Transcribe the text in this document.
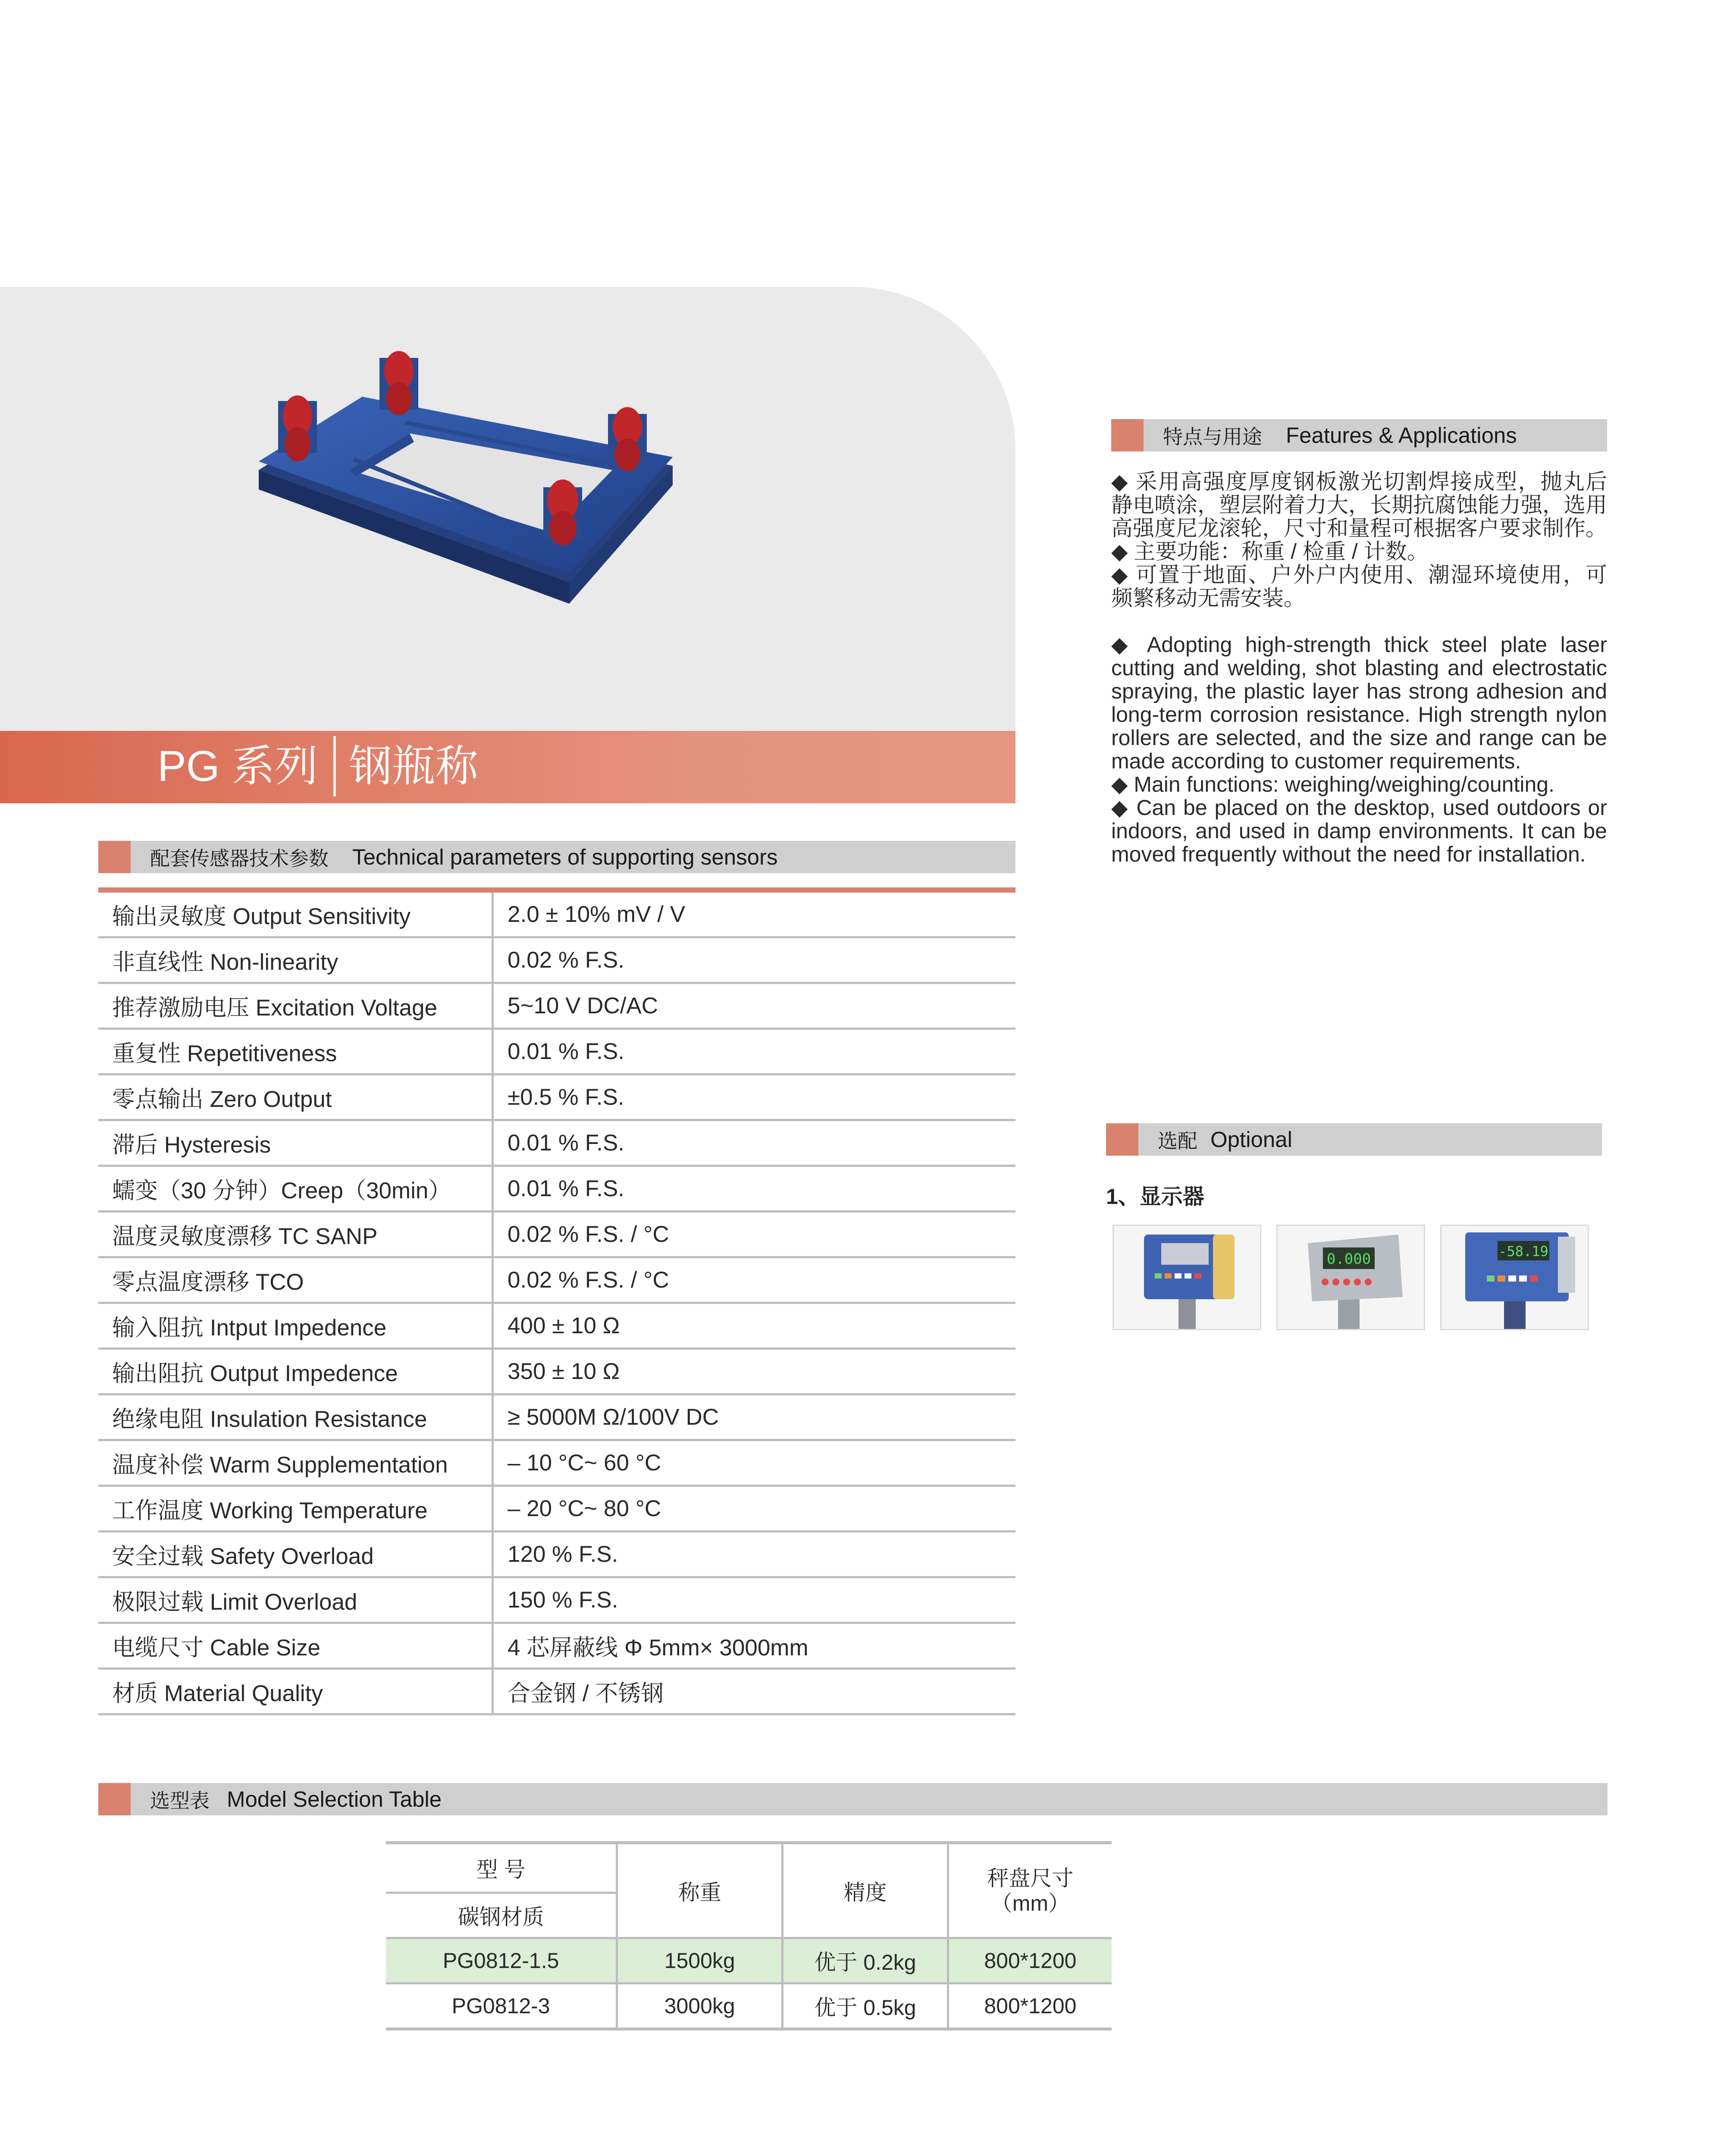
PG 系列 钢瓶称
配套传感器技术参数 Technical parameters of supporting sensors
输出灵敏度 Output Sensitivity	2.0 ± 10% mV / V
非直线性 Non-linearity	0.02 % F.S.
推荐激励电压 Excitation Voltage	5~10 V DC/AC
重复性 Repetitiveness	0.01 % F.S.
零点输出 Zero Output	±0.5 % F.S.
滞后 Hysteresis	0.01 % F.S.
蠕变（30 分钟）Creep（30min）	0.01 % F.S.
温度灵敏度漂移 TC SANP	0.02 % F.S. / °C
零点温度漂移 TCO	0.02 % F.S. / °C
输入阻抗 Intput Impedence	400 ± 10 Ω
输出阻抗 Output Impedence	350 ± 10 Ω
绝缘电阻 Insulation Resistance	≥ 5000M Ω/100V DC
温度补偿 Warm Supplementation	– 10 °C~ 60 °C
工作温度 Working Temperature	– 20 °C~ 80 °C
安全过载 Safety Overload	120 % F.S.
极限过载 Limit Overload	150 % F.S.
电缆尺寸 Cable Size	4 芯屏蔽线 Φ 5mm× 3000mm
材质 Material Quality	合金钢 / 不锈钢
特点与用途 Features & Applications

◆ 采用高强度厚度钢板激光切割焊接成型，抛丸后静电喷涂，塑层附着力大，长期抗腐蚀能力强，选用高强度尼龙滚轮，尺寸和量程可根据客户要求制作。

◆ 主要功能：称重 / 检重 / 计数。

◆ 可置于地面、户外户内使用、潮湿环境使用，可频繁移动无需安装。

◆ Adopting high-strength thick steel plate laser cutting and welding, shot blasting and electrostatic spraying, the plastic layer has strong adhesion and long-term corrosion resistance. High strength nylon rollers are selected, and the size and range can be made according to customer requirements.

◆ Main functions: weighing/weighing/counting.

◆ Can be placed on the desktop, used outdoors or indoors, and used in damp environments. It can be moved frequently without the need for installation.

选配 Optional
1、显示器
0.000	-58.19
选型表 Model Selection Table
型 号	称重	精度	秤盘尺寸
（mm）

碳钢材质			
PG0812-1.5	1500kg	优于 0.2kg	800*1200
PG0812-3	3000kg	优于 0.5kg	800*1200
